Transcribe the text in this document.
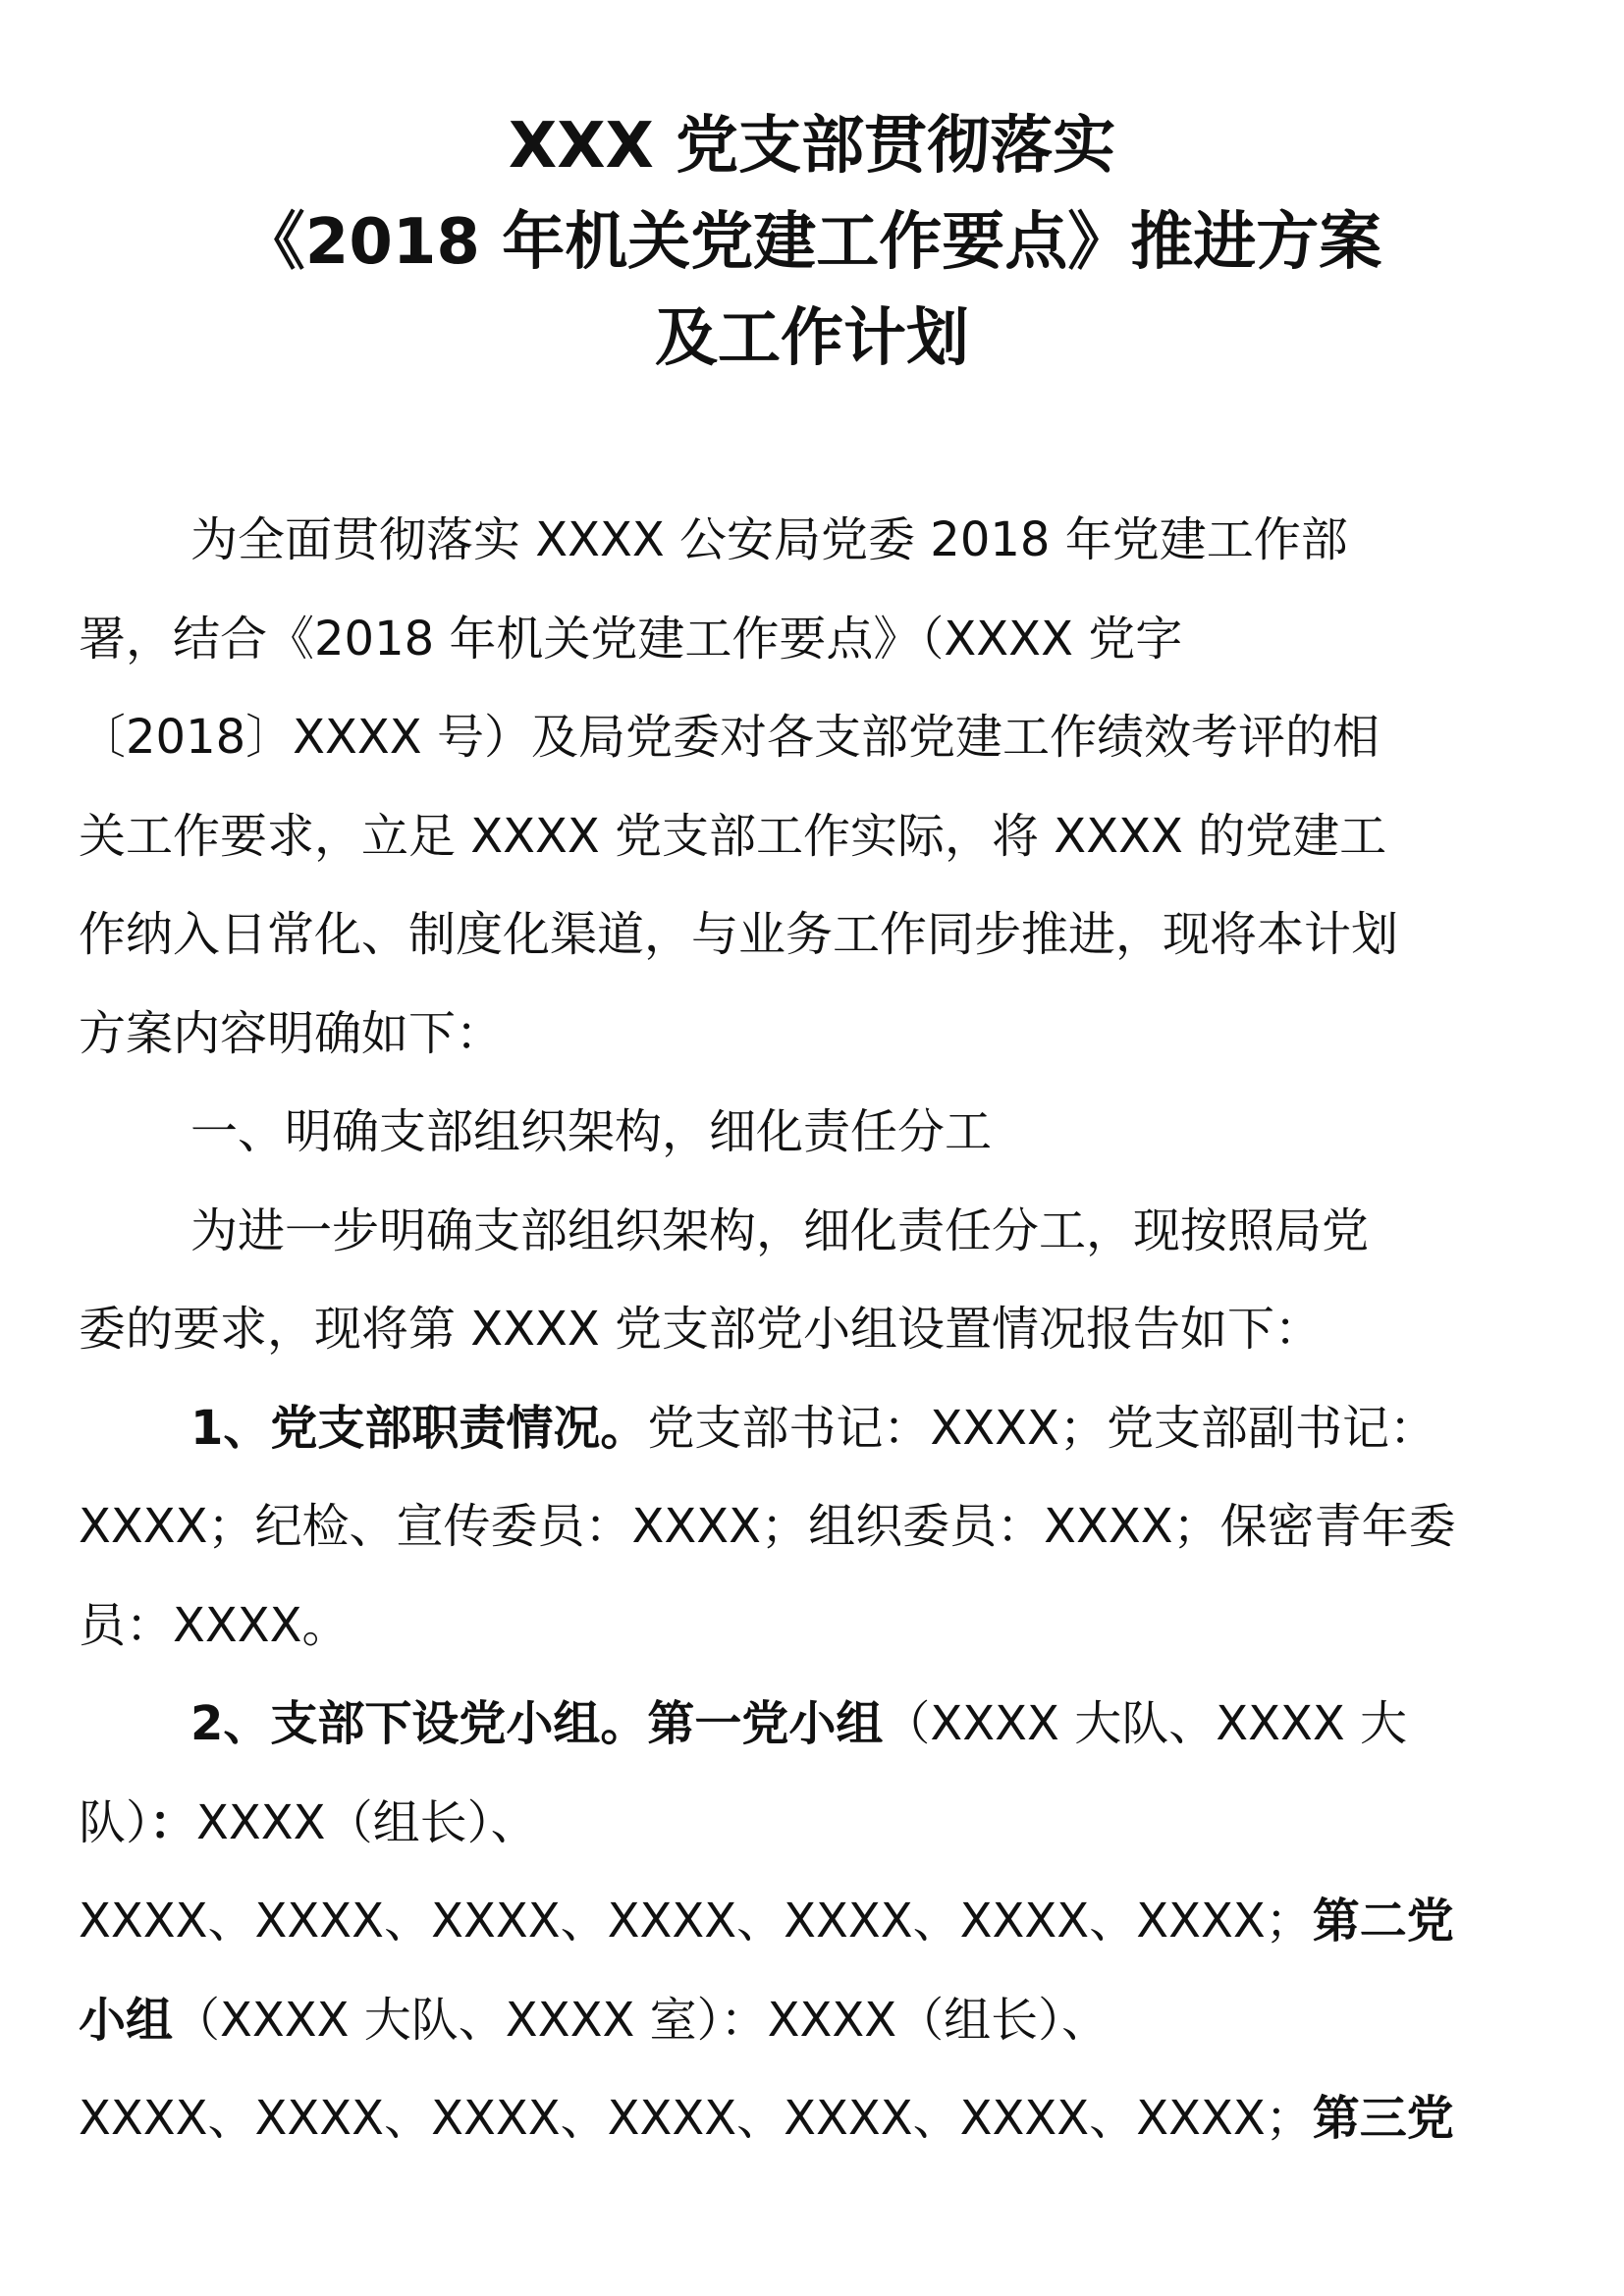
XXX 党支部贯彻落实
《2018 年机关党建工作要点》推进方案
及工作计划
为全面贯彻落实 XXXX 公安局党委 2018 年党建工作部
署，结合《2018 年机关党建工作要点》（XXXX 党字
〔2018〕XXXX 号）及局党委对各支部党建工作绩效考评的相
关工作要求，立足 XXXX 党支部工作实际，将 XXXX 的党建工
作纳入日常化、制度化渠道，与业务工作同步推进，现将本计划
方案内容明确如下：
一、明确支部组织架构，细化责任分工
为进一步明确支部组织架构，细化责任分工，现按照局党
委的要求，现将第 XXXX 党支部党小组设置情况报告如下：
1、党支部职责情况。党支部书记：XXXX；党支部副书记：
XXXX；纪检、宣传委员：XXXX；组织委员：XXXX；保密青年委
员：XXXX。
2、支部下设党小组。第一党小组（XXXX 大队、XXXX 大
队）：XXXX（组长）、
XXXX、XXXX、XXXX、XXXX、XXXX、XXXX、XXXX；第二党
小组（XXXX 大队、XXXX 室）：XXXX（组长）、
XXXX、XXXX、XXXX、XXXX、XXXX、XXXX、XXXX；第三党
